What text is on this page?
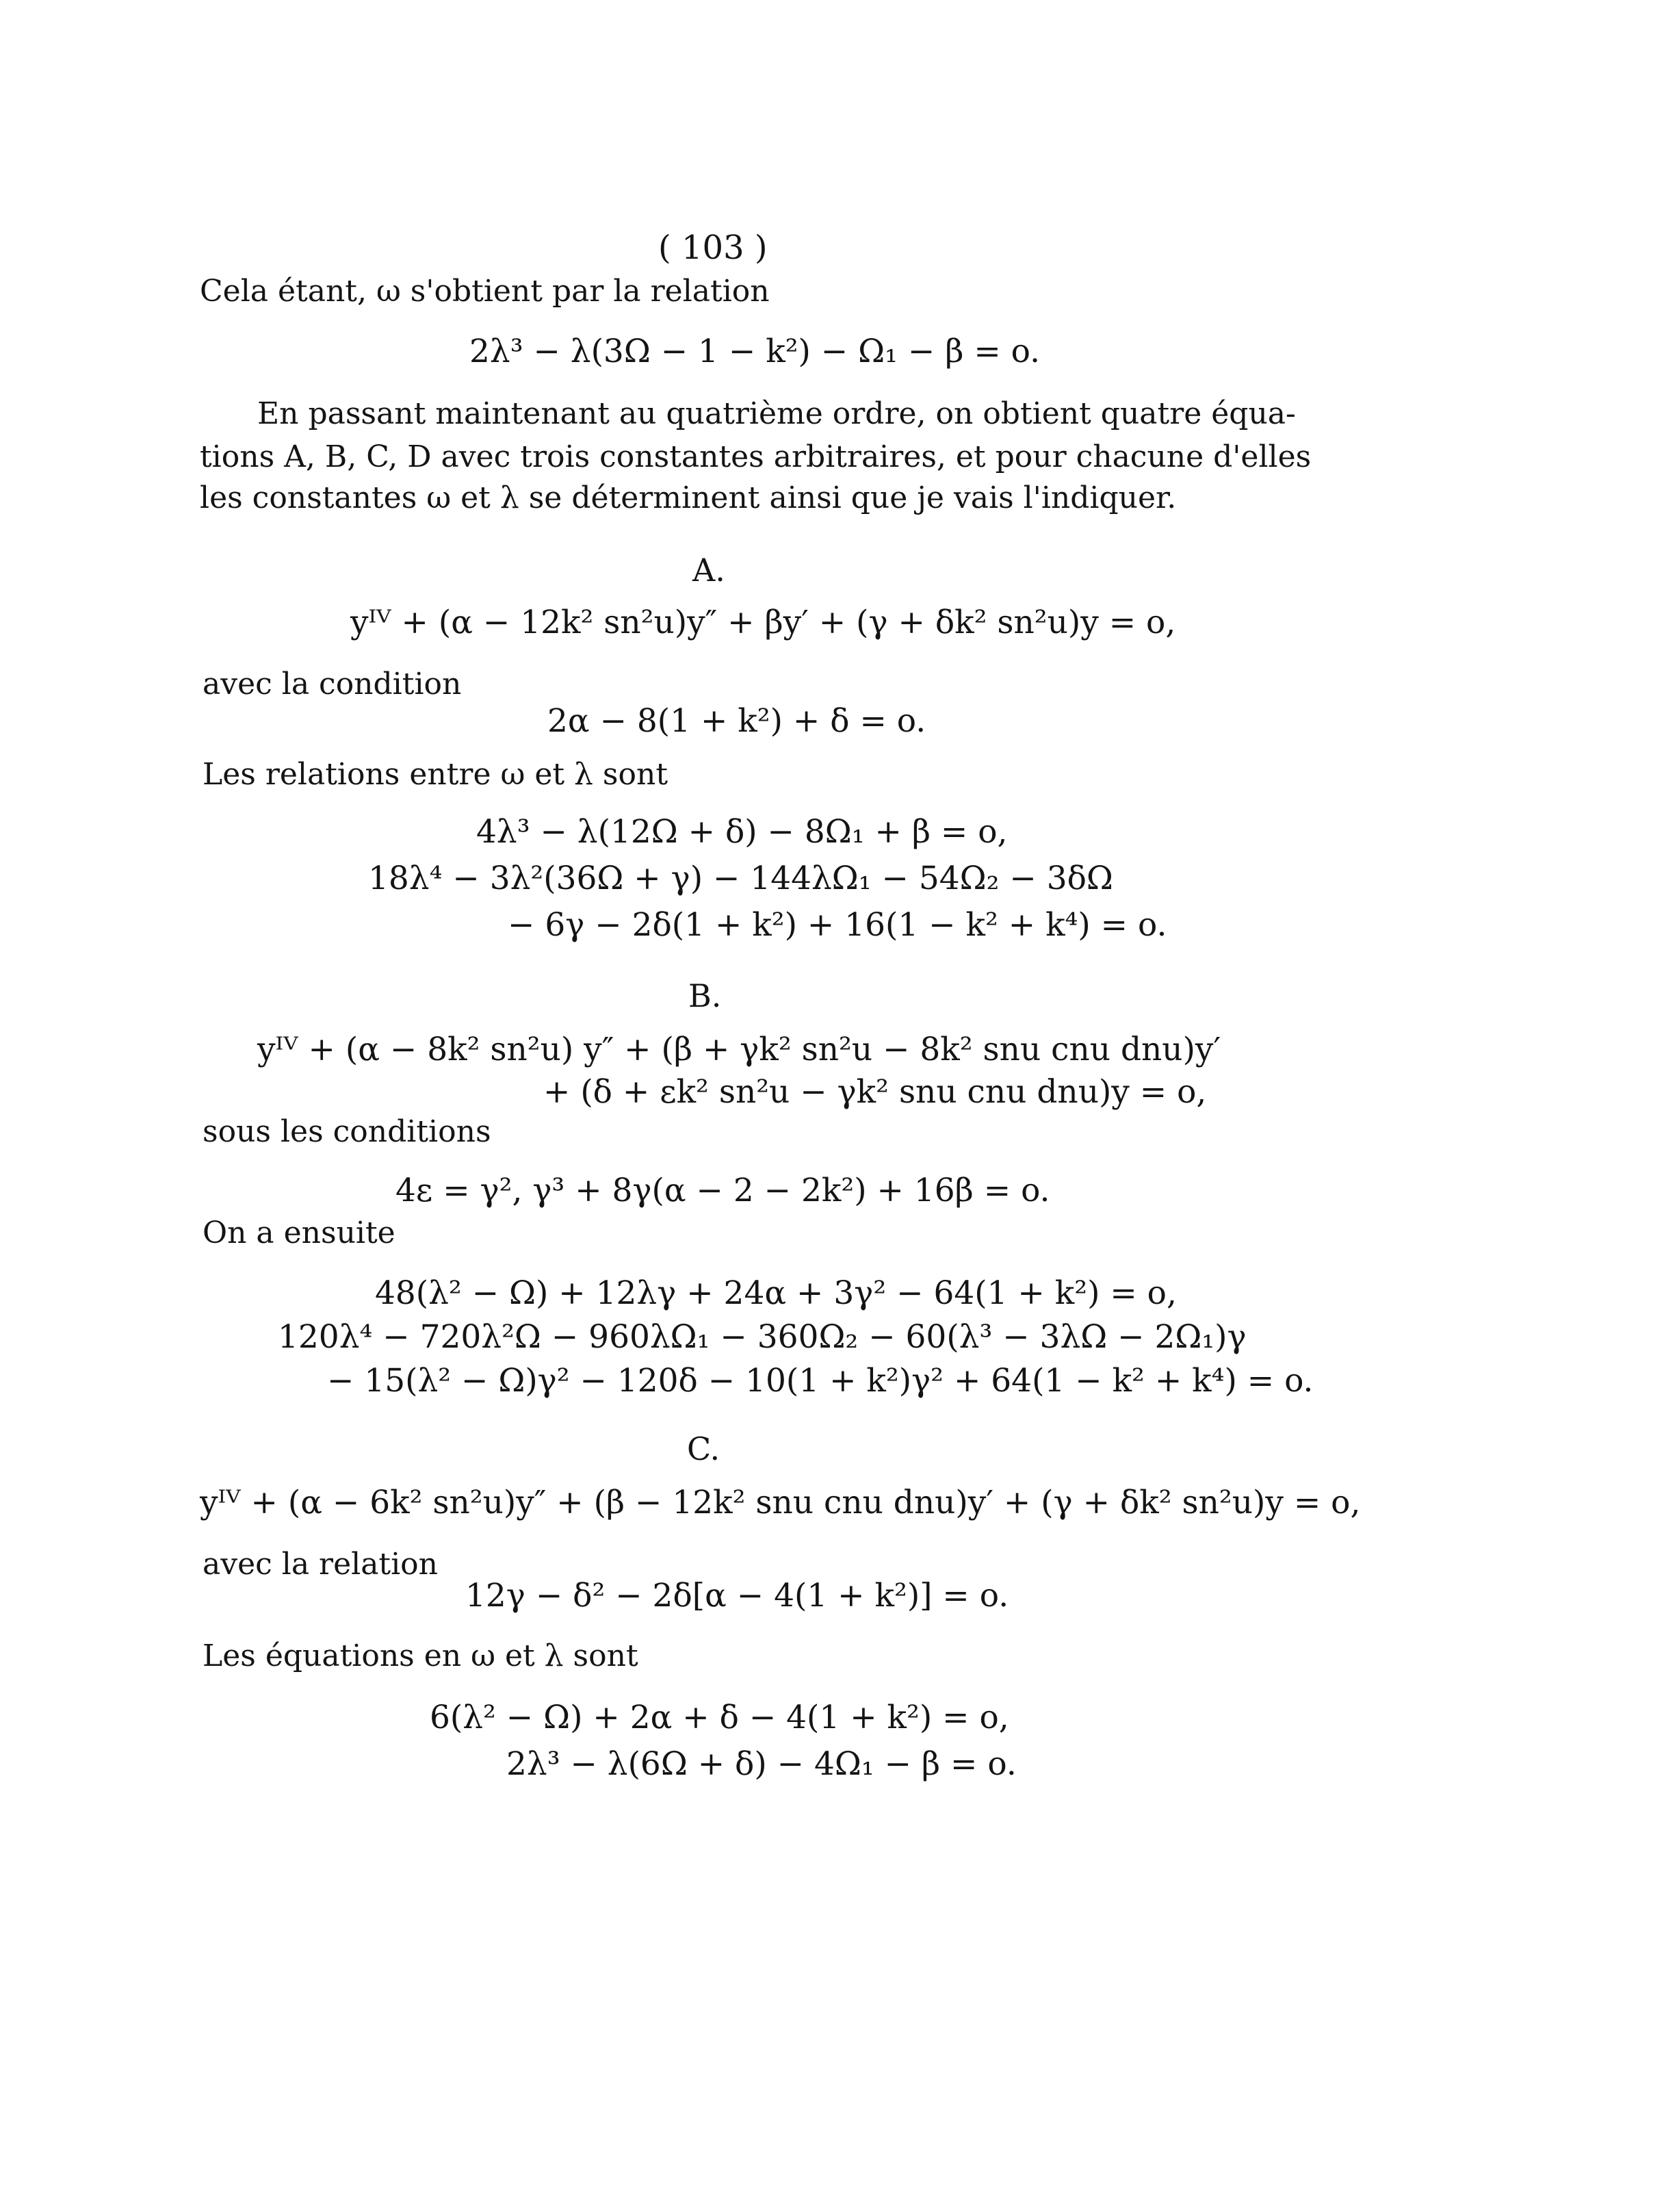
( 103 )
Cela étant, ω s'obtient par la relation
2λ³ − λ(3Ω − 1 − k²) − Ω₁ − β = o.
En passant maintenant au quatrième ordre, on obtient quatre équa-
tions A, B, C, D avec trois constantes arbitraires, et pour chacune d'elles
les constantes ω et λ se déterminent ainsi que je vais l'indiquer.
A.
yᴵⱽ + (α − 12k² sn²u)y″ + βy′ + (γ + δk² sn²u)y = o,
avec la condition
2α − 8(1 + k²) + δ = o.
Les relations entre ω et λ sont
4λ³ − λ(12Ω + δ) − 8Ω₁ + β = o,
18λ⁴ − 3λ²(36Ω + γ) − 144λΩ₁ − 54Ω₂ − 3δΩ
− 6γ − 2δ(1 + k²) + 16(1 − k² + k⁴) = o.
B.
yᴵⱽ + (α − 8k² sn²u) y″ + (β + γk² sn²u − 8k² snu cnu dnu)y′
+ (δ + εk² sn²u − γk² snu cnu dnu)y = o,
sous les conditions
4ε = γ², γ³ + 8γ(α − 2 − 2k²) + 16β = o.
On a ensuite
48(λ² − Ω) + 12λγ + 24α + 3γ² − 64(1 + k²) = o,
120λ⁴ − 720λ²Ω − 960λΩ₁ − 360Ω₂ − 60(λ³ − 3λΩ − 2Ω₁)γ
− 15(λ² − Ω)γ² − 120δ − 10(1 + k²)γ² + 64(1 − k² + k⁴) = o.
C.
yᴵⱽ + (α − 6k² sn²u)y″ + (β − 12k² snu cnu dnu)y′ + (γ + δk² sn²u)y = o,
avec la relation
12γ − δ² − 2δ[α − 4(1 + k²)] = o.
Les équations en ω et λ sont
6(λ² − Ω) + 2α + δ − 4(1 + k²) = o,
2λ³ − λ(6Ω + δ) − 4Ω₁ − β = o.
